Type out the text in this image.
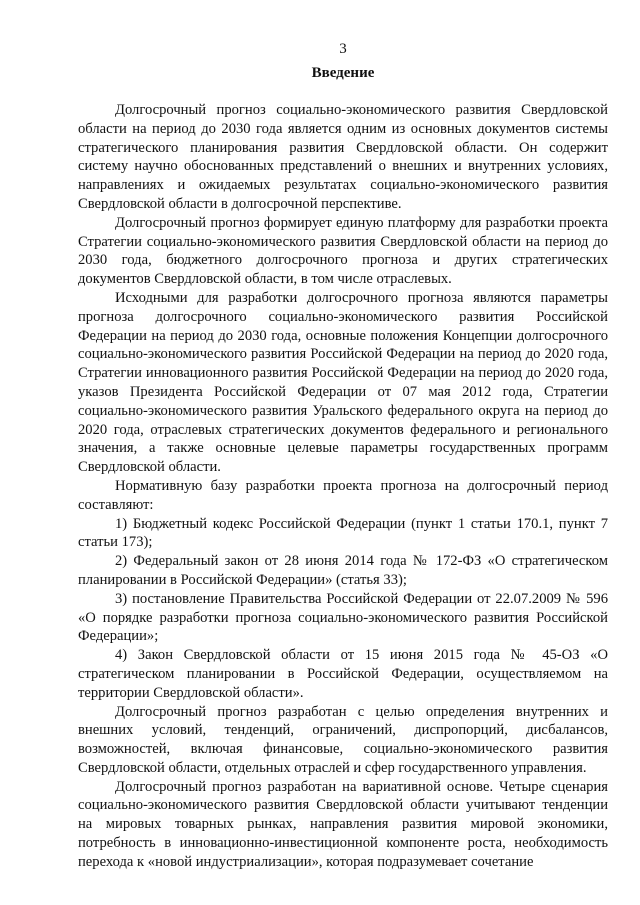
3
Введение

Долгосрочный прогноз социально-экономического развития Свердловской области на период до 2030 года является одним из основных документов системы стратегического планирования развития Свердловской области. Он содержит систему научно обоснованных представлений о внешних и внутренних условиях, направлениях и ожидаемых результатах социально-экономического развития Свердловской области в долгосрочной перспективе.

Долгосрочный прогноз формирует единую платформу для разработки проекта Стратегии социально-экономического развития Свердловской области на период до 2030 года, бюджетного долгосрочного прогноза и других стратегических документов Свердловской области, в том числе отраслевых.

Исходными для разработки долгосрочного прогноза являются параметры прогноза долгосрочного социально-экономического развития Российской Федерации на период до 2030 года, основные положения Концепции долгосрочного социально-экономического развития Российской Федерации на период до 2020 года, Стратегии инновационного развития Российской Федерации на период до 2020 года, указов Президента Российской Федерации от 07 мая 2012 года, Стратегии социально-экономического развития Уральского федерального округа на период до 2020 года, отраслевых стратегических документов федерального и регионального значения, а также основные целевые параметры государственных программ Свердловской области.

Нормативную базу разработки проекта прогноза на долгосрочный период составляют:

1) Бюджетный кодекс Российской Федерации (пункт 1 статьи 170.1, пункт 7 статьи 173);

2) Федеральный закон от 28 июня 2014 года № 172-ФЗ «О стратегическом планировании в Российской Федерации» (статья 33);

3) постановление Правительства Российской Федерации от 22.07.2009 № 596 «О порядке разработки прогноза социально-экономического развития Российской Федерации»;

4) Закон Свердловской области от 15 июня 2015 года № 45-ОЗ «О стратегическом планировании в Российской Федерации, осуществляемом на территории Свердловской области».

Долгосрочный прогноз разработан с целью определения внутренних и внешних условий, тенденций, ограничений, диспропорций, дисбалансов, возможностей, включая финансовые, социально-экономического развития Свердловской области, отдельных отраслей и сфер государственного управления.

Долгосрочный прогноз разработан на вариативной основе. Четыре сценария социально-экономического развития Свердловской области учитывают тенденции на мировых товарных рынках, направления развития мировой экономики, потребность в инновационно-инвестиционной компоненте роста, необходимость перехода к «новой индустриализации», которая подразумевает сочетание
